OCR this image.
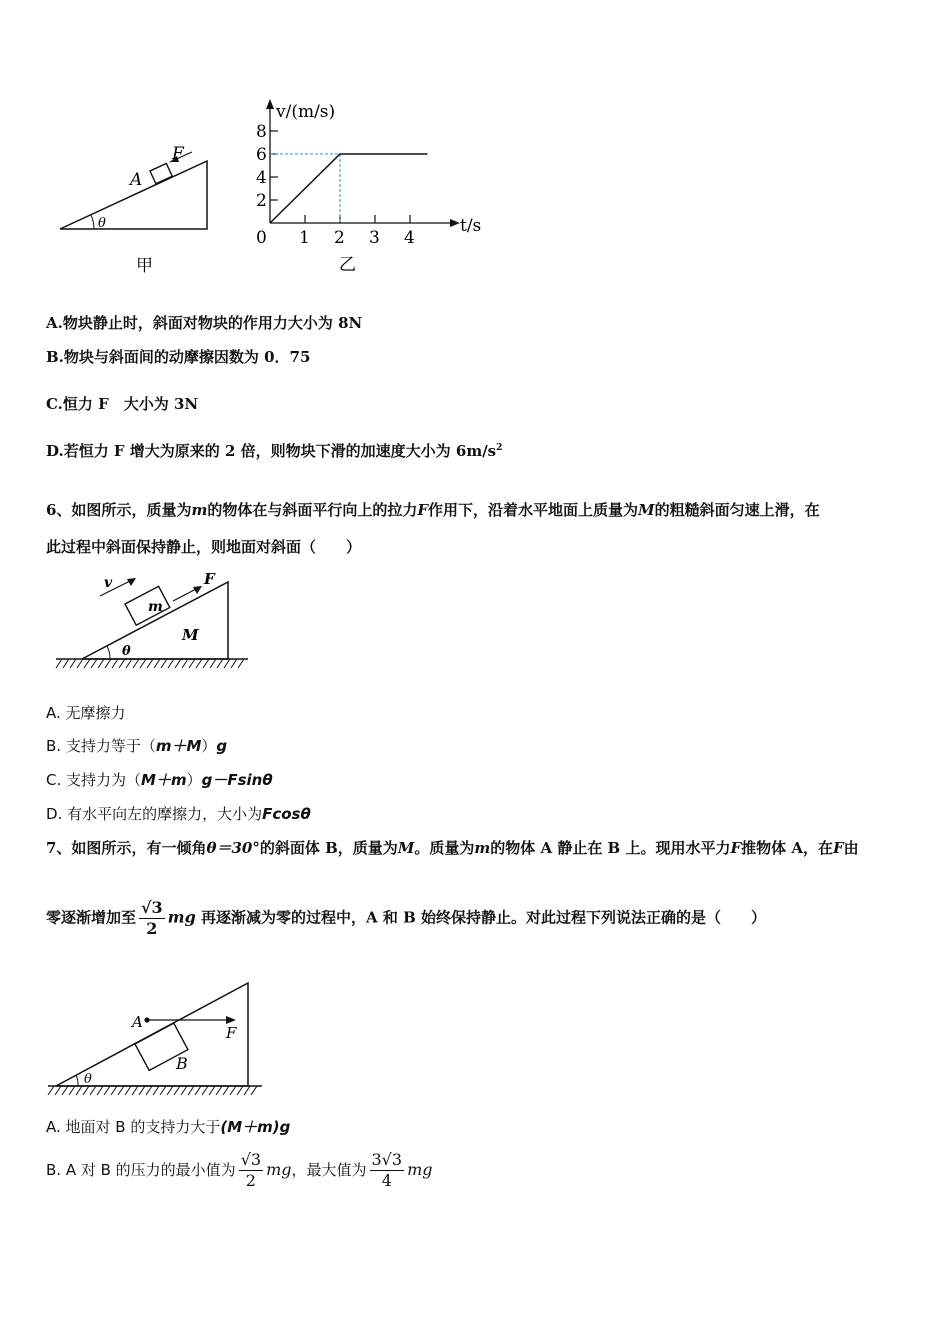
F
A
θ
甲
v/(m/s)
t/s
2
4
6
8
0 1 2 3 4
乙
A.物块静止时，斜面对物块的作用力大小为 8N
B.物块与斜面间的动摩擦因数为 0．75
C.恒力 F　大小为 3N
D.若恒力 F 增大为原来的 2 倍，则物块下滑的加速度大小为 $6m/s^2$
6、如图所示，质量为m的物体在与斜面平行向上的拉力F作用下，沿着水平地面上质量为M的粗糙斜面匀速上滑，在
此过程中斜面保持静止，则地面对斜面（　　）
v	F
m
M
θ
A. 无摩擦力
B. 支持力等于（m＋M）g
C. 支持力为（M＋m）g－Fsinθ
D. 有水平向左的摩擦力，大小为Fcosθ
7、如图所示，有一倾角θ＝30°的斜面体 B，质量为M。质量为m的物体 A 静止在 B 上。现用水平力F推物体 A，在F由
零逐渐增加至 $\frac{√3}{2}$ mg 再逐渐减为零的过程中，A 和 B 始终保持静止。对此过程下列说法正确的是（　　）
A
F
B
θ
A. 地面对 B 的支持力大于(M＋m)g
B. A 对 B 的压力的最小值为 $\frac{√3}{2}$ mg，最大值为 $\frac{3√3}{4}$ mg
